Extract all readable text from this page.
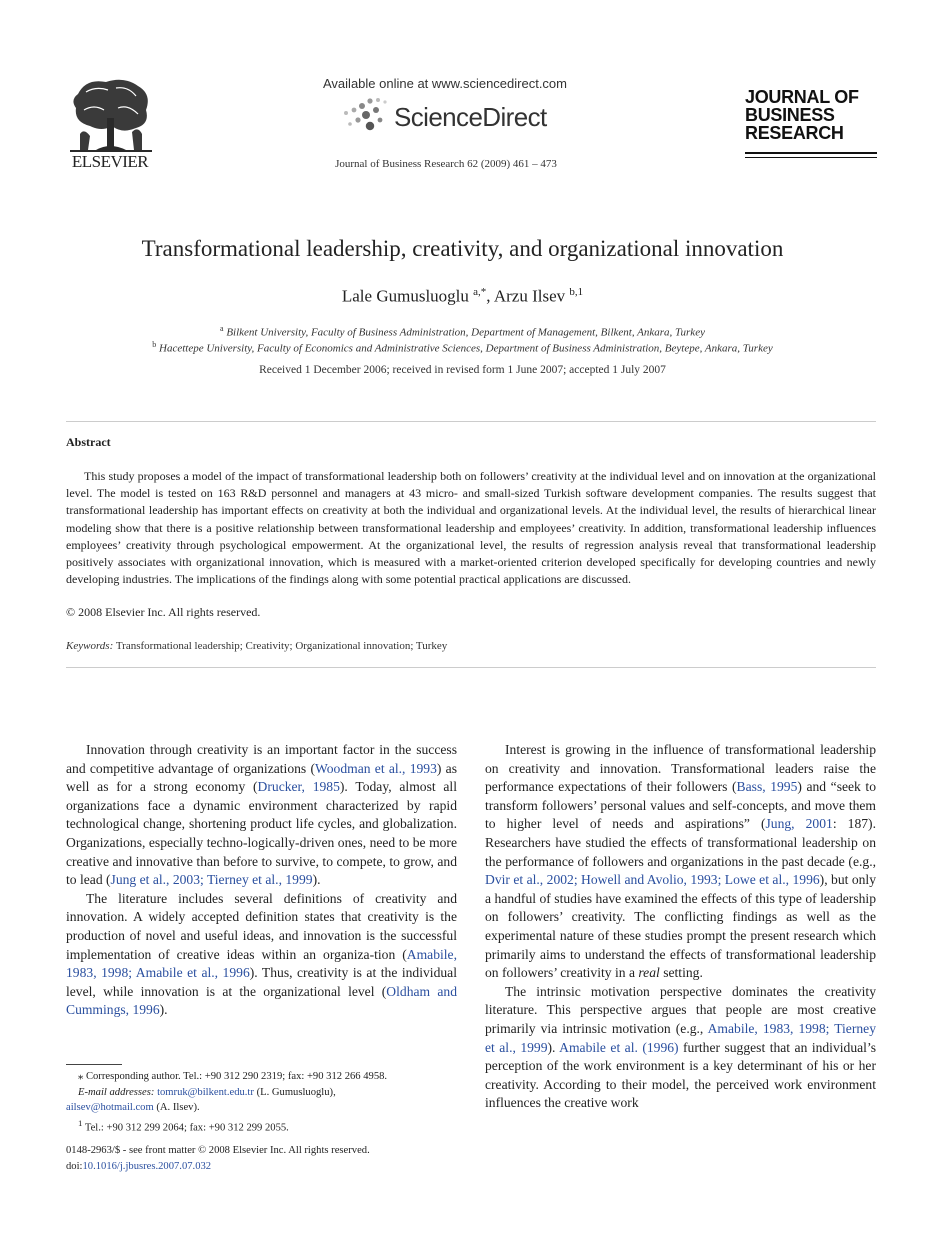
ELSEVIER
Available online at www.sciencedirect.com
ScienceDirect
Journal of Business Research 62 (2009) 461 – 473
JOURNAL OF
BUSINESS
RESEARCH
Transformational leadership, creativity, and organizational innovation
Lale Gumusluoglu $^{a,*}$, Arzu Ilsev $^{b,1}$
$^a$ Bilkent University, Faculty of Business Administration, Department of Management, Bilkent, Ankara, Turkey
$^b$ Hacettepe University, Faculty of Economics and Administrative Sciences, Department of Business Administration, Beytepe, Ankara, Turkey
Received 1 December 2006; received in revised form 1 June 2007; accepted 1 July 2007
Abstract
This study proposes a model of the impact of transformational leadership both on followers’ creativity at the individual level and on innovation at the organizational level. The model is tested on 163 R&D personnel and managers at 43 micro- and small-sized Turkish software development companies. The results suggest that transformational leadership has important effects on creativity at both the individual and organizational levels. At the individual level, the results of hierarchical linear modeling show that there is a positive relationship between transformational leadership and employees’ creativity. In addition, transformational leadership influences employees’ creativity through psychological empowerment. At the organizational level, the results of regression analysis reveal that transformational leadership positively associates with organizational innovation, which is measured with a market-oriented criterion developed specifically for developing countries and newly developing industries. The implications of the findings along with some potential practical applications are discussed.
© 2008 Elsevier Inc. All rights reserved.
Keywords: Transformational leadership; Creativity; Organizational innovation; Turkey

Innovation through creativity is an important factor in the success and competitive advantage of organizations (Woodman et al., 1993) as well as for a strong economy (Drucker, 1985). Today, almost all organizations face a dynamic environment characterized by rapid technological change, shortening product life cycles, and globalization. Organizations, especially techno-logically-driven ones, need to be more creative and innovative than before to survive, to compete, to grow, and to lead (Jung et al., 2003; Tierney et al., 1999).

The literature includes several definitions of creativity and innovation. A widely accepted definition states that creativity is the production of novel and useful ideas, and innovation is the successful implementation of creative ideas within an organiza-tion (Amabile, 1983, 1998; Amabile et al., 1996). Thus, creativity is at the individual level, while innovation is at the organizational level (Oldham and Cummings, 1996).

Interest is growing in the influence of transformational leadership on creativity and innovation. Transformational leaders raise the performance expectations of their followers (Bass, 1995) and “seek to transform followers’ personal values and self-concepts, and move them to higher level of needs and aspirations” (Jung, 2001: 187). Researchers have studied the effects of transformational leadership on the performance of followers and organizations in the past decade (e.g., Dvir et al., 2002; Howell and Avolio, 1993; Lowe et al., 1996), but only a handful of studies have examined the effects of this type of leadership on followers’ creativity. The conflicting findings as well as the experimental nature of these studies prompt the present research which primarily aims to understand the effects of transformational leadership on followers’ creativity in a real setting.

The intrinsic motivation perspective dominates the creativity literature. This perspective argues that people are most creative primarily via intrinsic motivation (e.g., Amabile, 1983, 1998; Tierney et al., 1999). Amabile et al. (1996) further suggest that an individual’s perception of the work environment is a key determinant of his or her creativity. According to their model, the perceived work environment influences the creative work

⁎ Corresponding author. Tel.: +90 312 290 2319; fax: +90 312 266 4958.

E-mail addresses: tomruk@bilkent.edu.tr (L. Gumusluoglu),

ailsev@hotmail.com (A. Ilsev).

$^1$ Tel.: +90 312 299 2064; fax: +90 312 299 2055.

0148-2963/$ - see front matter © 2008 Elsevier Inc. All rights reserved.

doi:10.1016/j.jbusres.2007.07.032
